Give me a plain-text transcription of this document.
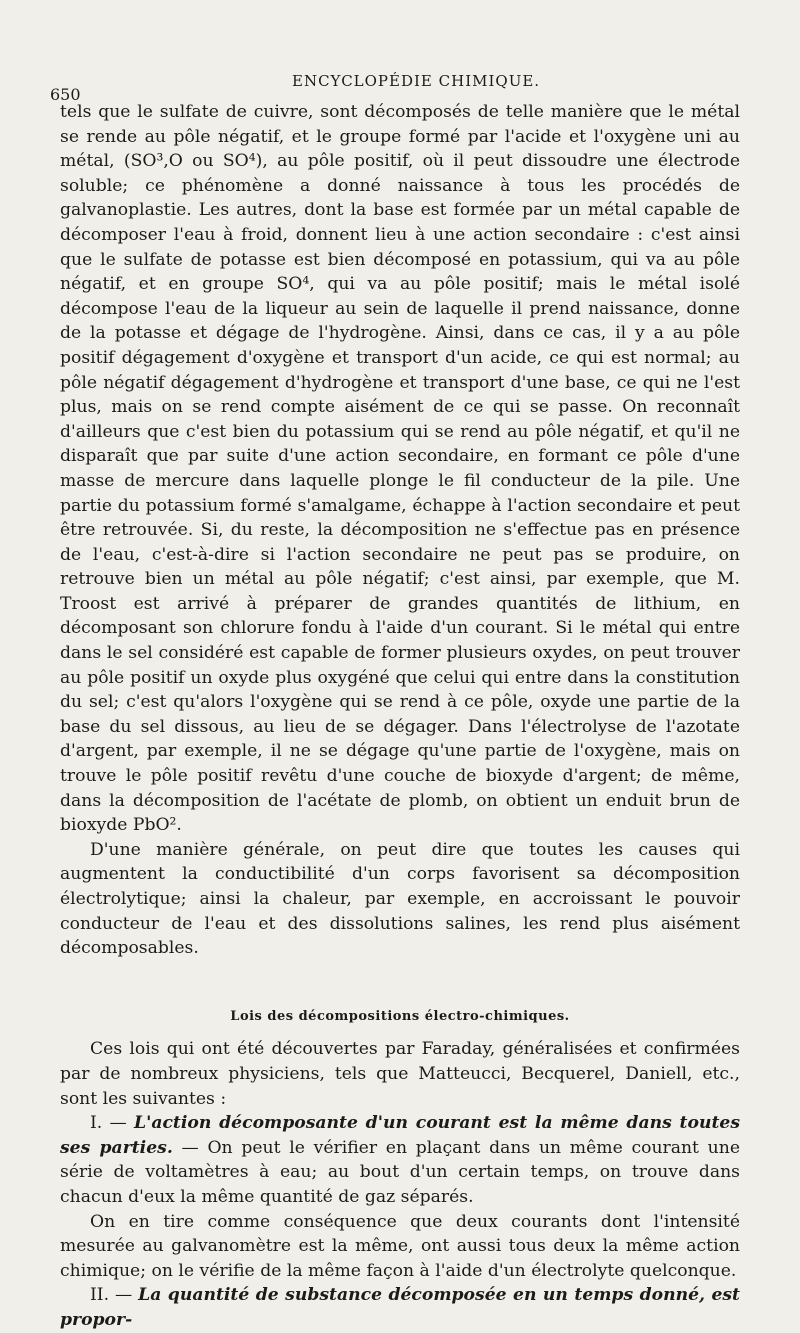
650
ENCYCLOPÉDIE CHIMIQUE.

tels que le sulfate de cuivre, sont décomposés de telle manière que le métal se rende au pôle négatif, et le groupe formé par l'acide et l'oxygène uni au métal, (SO³,O ou SO⁴), au pôle positif, où il peut dissoudre une électrode soluble; ce phénomène a donné naissance à tous les procédés de galvanoplastie. Les autres, dont la base est formée par un métal capable de décomposer l'eau à froid, donnent lieu à une action secondaire : c'est ainsi que le sulfate de potasse est bien décomposé en potassium, qui va au pôle négatif, et en groupe SO⁴, qui va au pôle positif; mais le métal isolé décompose l'eau de la liqueur au sein de laquelle il prend naissance, donne de la potasse et dégage de l'hydrogène. Ainsi, dans ce cas, il y a au pôle positif dégagement d'oxygène et transport d'un acide, ce qui est normal; au pôle négatif dégagement d'hydrogène et transport d'une base, ce qui ne l'est plus, mais on se rend compte aisément de ce qui se passe. On reconnaît d'ailleurs que c'est bien du potassium qui se rend au pôle négatif, et qu'il ne disparaît que par suite d'une action secondaire, en formant ce pôle d'une masse de mercure dans laquelle plonge le fil conducteur de la pile. Une partie du potassium formé s'amalgame, échappe à l'action secondaire et peut être retrouvée. Si, du reste, la décomposition ne s'effectue pas en présence de l'eau, c'est-à-dire si l'action secondaire ne peut pas se produire, on retrouve bien un métal au pôle négatif; c'est ainsi, par exemple, que M. Troost est arrivé à préparer de grandes quantités de lithium, en décomposant son chlorure fondu à l'aide d'un courant. Si le métal qui entre dans le sel considéré est capable de former plusieurs oxydes, on peut trouver au pôle positif un oxyde plus oxygéné que celui qui entre dans la constitution du sel; c'est qu'alors l'oxygène qui se rend à ce pôle, oxyde une partie de la base du sel dissous, au lieu de se dégager. Dans l'électrolyse de l'azotate d'argent, par exemple, il ne se dégage qu'une partie de l'oxygène, mais on trouve le pôle positif revêtu d'une couche de bioxyde d'argent; de même, dans la décomposition de l'acétate de plomb, on obtient un enduit brun de bioxyde PbO².

D'une manière générale, on peut dire que toutes les causes qui augmentent la conductibilité d'un corps favorisent sa décomposition électrolytique; ainsi la chaleur, par exemple, en accroissant le pouvoir conducteur de l'eau et des dissolutions salines, les rend plus aisément décomposables.

Lois des décompositions électro-chimiques.

Ces lois qui ont été découvertes par Faraday, généralisées et confirmées par de nombreux physiciens, tels que Matteucci, Becquerel, Daniell, etc., sont les suivantes :

I. — L'action décomposante d'un courant est la même dans toutes ses parties. — On peut le vérifier en plaçant dans un même courant une série de voltamètres à eau; au bout d'un certain temps, on trouve dans chacun d'eux la même quantité de gaz séparés.

On en tire comme conséquence que deux courants dont l'intensité mesurée au galvanomètre est la même, ont aussi tous deux la même action chimique; on le vérifie de la même façon à l'aide d'un électrolyte quelconque.

II. — La quantité de substance décomposée en un temps donné, est propor-
